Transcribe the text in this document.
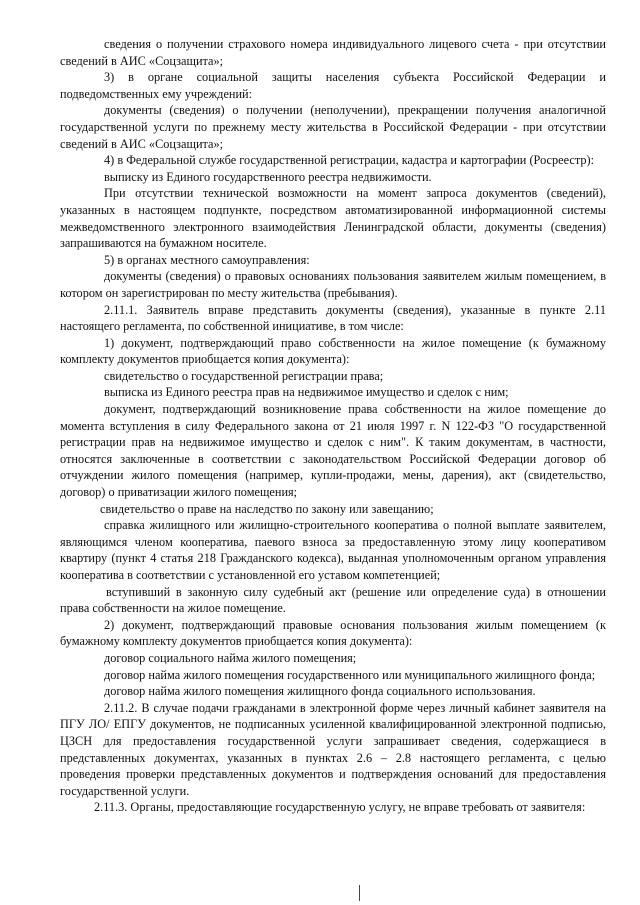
сведения о получении страхового номера индивидуального лицевого счета - при отсутствии сведений в АИС «Соцзащита»;

3) в органе социальной защиты населения субъекта Российской Федерации и подведомственных ему учреждений:

документы (сведения) о получении (неполучении), прекращении получения аналогичной государственной услуги по прежнему месту жительства в Российской Федерации - при отсутствии сведений в АИС «Соцзащита»;

4) в Федеральной службе государственной регистрации, кадастра и картографии (Росреестр):

выписку из Единого государственного реестра недвижимости.

При отсутствии технической возможности на момент запроса документов (сведений), указанных в настоящем подпункте, посредством автоматизированной информационной системы межведомственного электронного взаимодействия Ленинградской области, документы (сведения) запрашиваются на бумажном носителе.

5) в органах местного самоуправления:

документы (сведения) о правовых основаниях пользования заявителем жилым помещением, в котором он зарегистрирован по месту жительства (пребывания).

2.11.1. Заявитель вправе представить документы (сведения), указанные в пункте 2.11 настоящего регламента, по собственной инициативе, в том числе:

1) документ, подтверждающий право собственности на жилое помещение (к бумажному комплекту документов приобщается копия документа):

свидетельство о государственной регистрации права;

выписка из Единого реестра прав на недвижимое имущество и сделок с ним;

документ, подтверждающий возникновение права собственности на жилое помещение до момента вступления в силу Федерального закона от 21 июля 1997 г. N 122-ФЗ "О государственной регистрации прав на недвижимое имущество и сделок с ним". К таким документам, в частности, относятся заключенные в соответствии с законодательством Российской Федерации договор об отчуждении жилого помещения (например, купли-продажи, мены, дарения), акт (свидетельство, договор) о приватизации жилого помещения;

свидетельство о праве на наследство по закону или завещанию;

справка жилищного или жилищно-строительного кооператива о полной выплате заявителем, являющимся членом кооператива, паевого взноса за предоставленную этому лицу кооперативом квартиру (пункт 4 статья 218 Гражданского кодекса), выданная уполномоченным органом управления кооператива в соответствии с установленной его уставом компетенцией;

вступивший в законную силу судебный акт (решение или определение суда) в отношении права собственности на жилое помещение.

2) документ, подтверждающий правовые основания пользования жилым помещением (к бумажному комплекту документов приобщается копия документа):

договор социального найма жилого помещения;

договор найма жилого помещения государственного или муниципального жилищного фонда;

договор найма жилого помещения жилищного фонда социального использования.

2.11.2. В случае подачи гражданами в электронной форме через личный кабинет заявителя на ПГУ ЛО/ ЕПГУ документов, не подписанных усиленной квалифицированной электронной подписью, ЦЗСН для предоставления государственной услуги запрашивает сведения, содержащиеся в представленных документах, указанных в пунктах 2.6 – 2.8 настоящего регламента, с целью проведения проверки представленных документов и подтверждения оснований для предоставления государственной услуги.

2.11.3. Органы, предоставляющие государственную услугу, не вправе требовать от заявителя:
